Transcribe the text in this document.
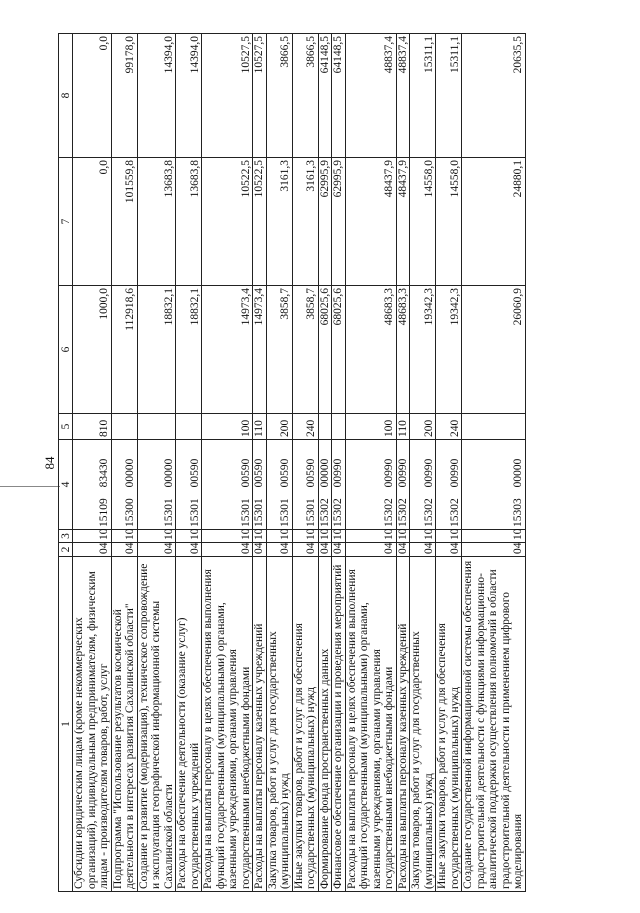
84
1	2	3	4	5	6	7	8
Субсидии юридическим лицам (кроме некоммерческих организаций), индивидуальным предпринимателям, физическим лицам - производителям товаров, работ, услуг	04	10	15109 83430	810	1000,0	0,0	0,0
Подпрограмма "Использование результатов космической деятельности в интересах развития Сахалинской области"	04	10	15300 00000		112918,6	101559,8	99178,0
Создание и развитие (модернизация), техническое сопровождение и эксплуатация географической информационной системы Сахалинской области	04	10	15301 00000		18832,1	13683,8	14394,0
Расходы на обеспечение деятельности (оказание услуг) государственных учреждений	04	10	15301 00590		18832,1	13683,8	14394,0
Расходы на выплаты персоналу в целях обеспечения выполнения функций государственными (муниципальными) органами, казенными учреждениями, органами управления государственными внебюджетными фондами	04	10	15301 00590	100	14973,4	10522,5	10527,5
Расходы на выплаты персоналу казенных учреждений	04	10	15301 00590	110	14973,4	10522,5	10527,5
Закупка товаров, работ и услуг для государственных (муниципальных) нужд	04	10	15301 00590	200	3858,7	3161,3	3866,5
Иные закупки товаров, работ и услуг для обеспечения государственных (муниципальных) нужд	04	10	15301 00590	240	3858,7	3161,3	3866,5
Формирование фонда пространственных данных	04	10	15302 00000		68025,6	62995,9	64148,5
Финансовое обеспечение организации и проведения мероприятий	04	10	15302 00990		68025,6	62995,9	64148,5
Расходы на выплаты персоналу в целях обеспечения выполнения функций государственными (муниципальными) органами, казенными учреждениями, органами управления государственными внебюджетными фондами	04	10	15302 00990	100	48683,3	48437,9	48837,4
Расходы на выплаты персоналу казенных учреждений	04	10	15302 00990	110	48683,3	48437,9	48837,4
Закупка товаров, работ и услуг для государственных (муниципальных) нужд	04	10	15302 00990	200	19342,3	14558,0	15311,1
Иные закупки товаров, работ и услуг для обеспечения государственных (муниципальных) нужд	04	10	15302 00990	240	19342,3	14558,0	15311,1
Создание государственной информационной системы обеспечения градостроительной деятельности с функциями информационно-аналитической поддержки осуществления полномочий в области градостроительной деятельности и применением цифрового моделирования	04	10	15303 00000		26060,9	24880,1	20635,5
